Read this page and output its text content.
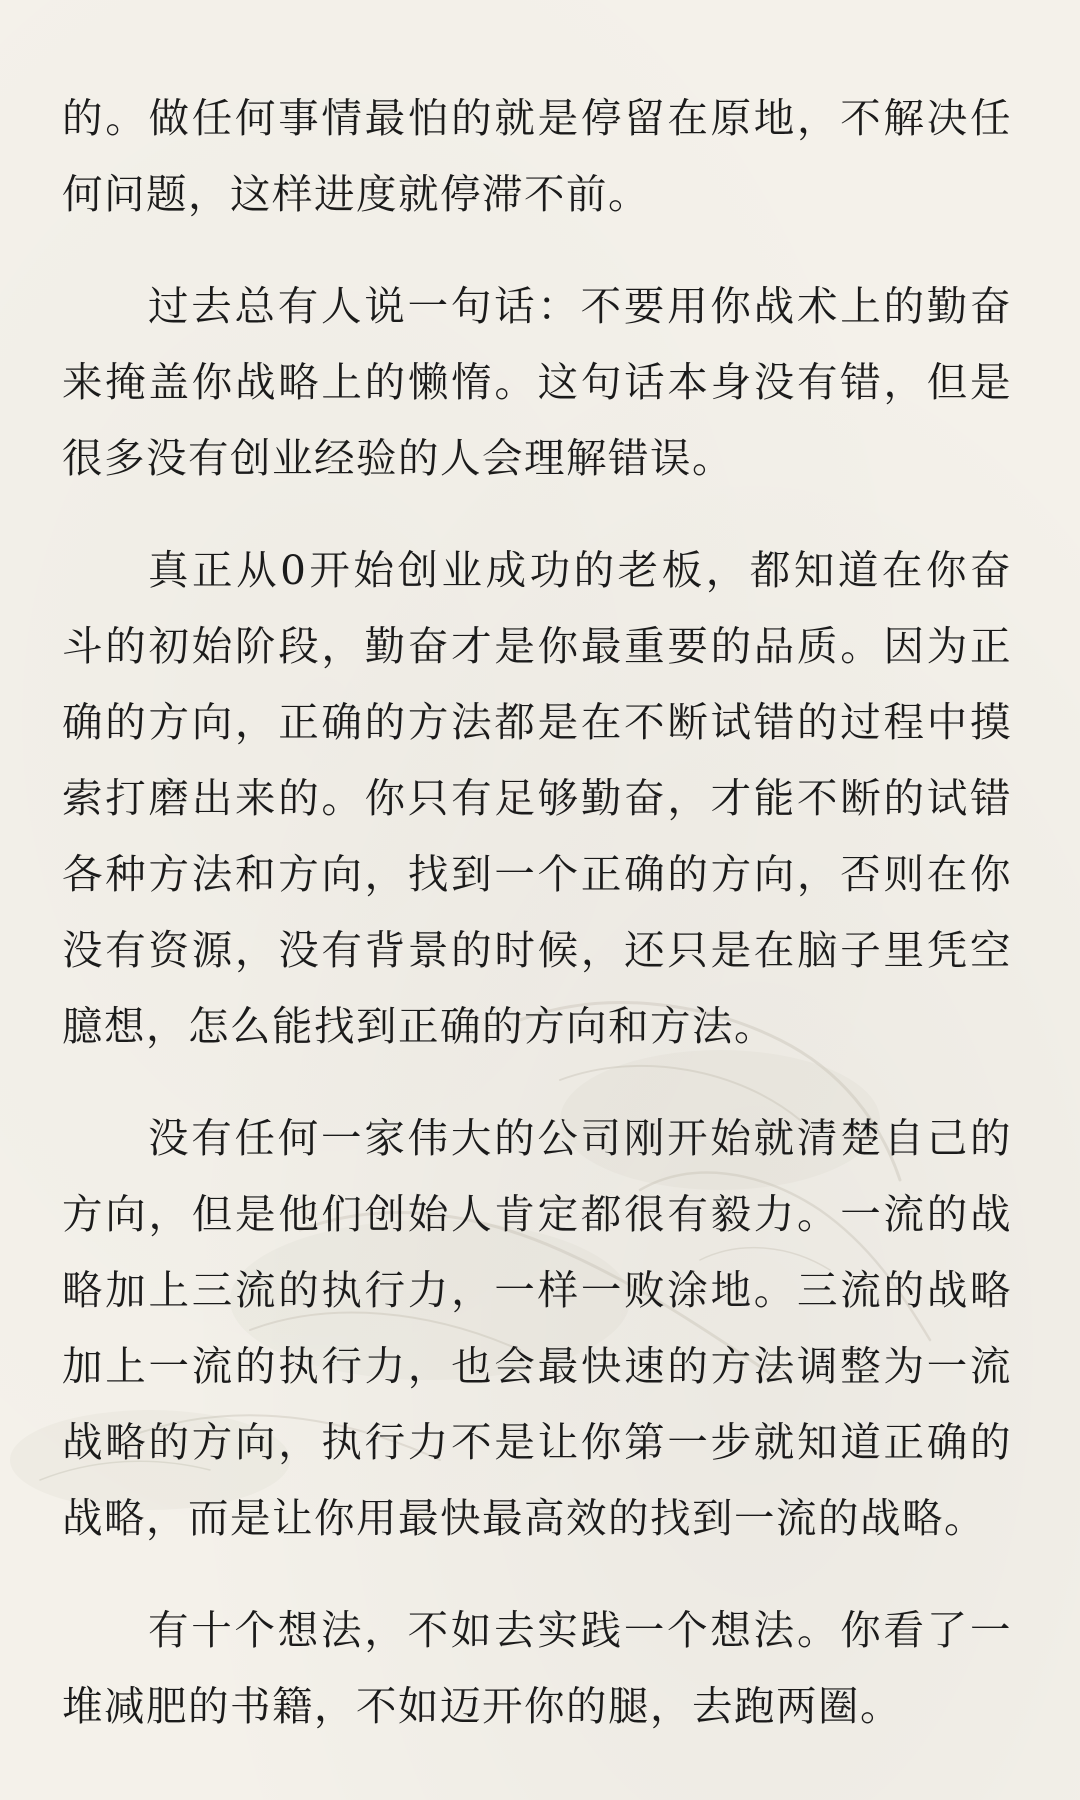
的。做任何事情最怕的就是停留在原地，不解决任何问题，这样进度就停滞不前。

过去总有人说一句话：不要用你战术上的勤奋来掩盖你战略上的懒惰。这句话本身没有错，但是很多没有创业经验的人会理解错误。

真正从0开始创业成功的老板，都知道在你奋斗的初始阶段，勤奋才是你最重要的品质。因为正确的方向，正确的方法都是在不断试错的过程中摸索打磨出来的。你只有足够勤奋，才能不断的试错各种方法和方向，找到一个正确的方向，否则在你没有资源，没有背景的时候，还只是在脑子里凭空臆想，怎么能找到正确的方向和方法。

没有任何一家伟大的公司刚开始就清楚自己的方向，但是他们创始人肯定都很有毅力。一流的战略加上三流的执行力，一样一败涂地。三流的战略加上一流的执行力，也会最快速的方法调整为一流战略的方向，执行力不是让你第一步就知道正确的战略，而是让你用最快最高效的找到一流的战略。

有十个想法，不如去实践一个想法。你看了一堆减肥的书籍，不如迈开你的腿，去跑两圈。
